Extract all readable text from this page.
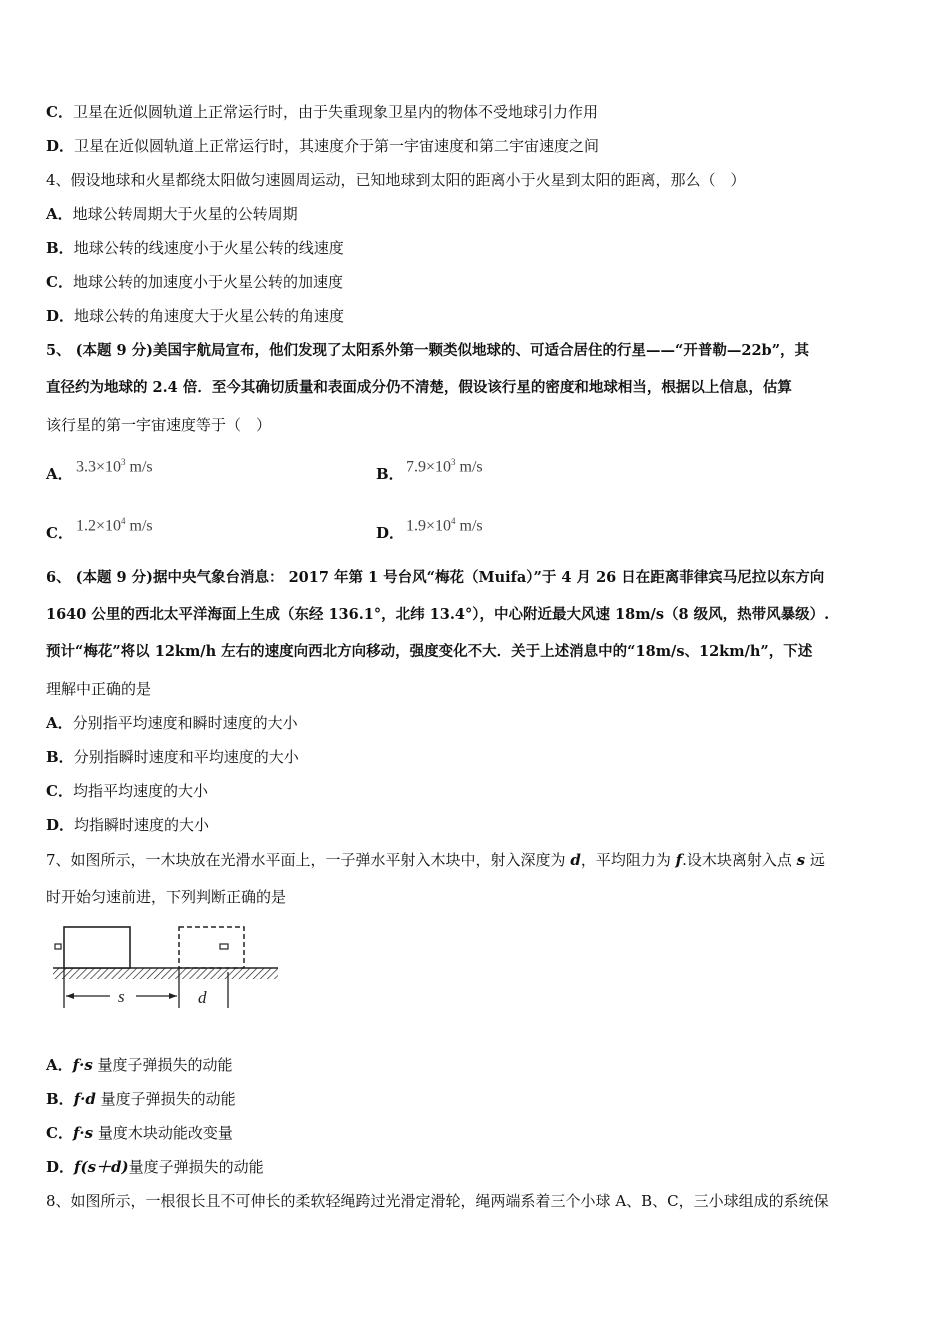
C．卫星在近似圆轨道上正常运行时，由于失重现象卫星内的物体不受地球引力作用
D．卫星在近似圆轨道上正常运行时，其速度介于第一宇宙速度和第二宇宙速度之间
4、假设地球和火星都绕太阳做匀速圆周运动，已知地球到太阳的距离小于火星到太阳的距离，那么（　）
A．地球公转周期大于火星的公转周期
B．地球公转的线速度小于火星公转的线速度
C．地球公转的加速度小于火星公转的加速度
D．地球公转的角速度大于火星公转的角速度
5、 (本题 9 分)美国宇航局宣布，他们发现了太阳系外第一颗类似地球的、可适合居住的行星——“开普勒—22b”，其
直径约为地球的 2.4 倍．至今其确切质量和表面成分仍不清楚，假设该行星的密度和地球相当，根据以上信息，估算
该行星的第一宇宙速度等于（　）
A． $3.3\times 10^3$ m/s	B． $7.9\times 10^3$ m/s
C． $1.2\times 10^4$ m/s	D． $1.9\times 10^4$ m/s
6、 (本题 9 分)据中央气象台消息： 2017 年第 1 号台风“梅花（Muifa）”于 4 月 26 日在距离菲律宾马尼拉以东方向
1640 公里的西北太平洋海面上生成（东经 136.1°，北纬 13.4°），中心附近最大风速 18m/s（8 级风，热带风暴级）.
预计“梅花”将以 12km/h 左右的速度向西北方向移动，强度变化不大．关于上述消息中的“18m/s、12km/h”，下述
理解中正确的是
A．分别指平均速度和瞬时速度的大小
B．分别指瞬时速度和平均速度的大小
C．均指平均速度的大小
D．均指瞬时速度的大小
7、如图所示，一木块放在光滑水平面上，一子弹水平射入木块中，射入深度为 d，平均阻力为 f.设木块离射入点 s 远
时开始匀速前进，下列判断正确的是
s	d
A．f·s 量度子弹损失的动能
B．f·d 量度子弹损失的动能
C．f·s 量度木块动能改变量
D．f(s＋d)量度子弹损失的动能
8、如图所示，一根很长且不可伸长的柔软轻绳跨过光滑定滑轮，绳两端系着三个小球 A、B、C，三小球组成的系统保
